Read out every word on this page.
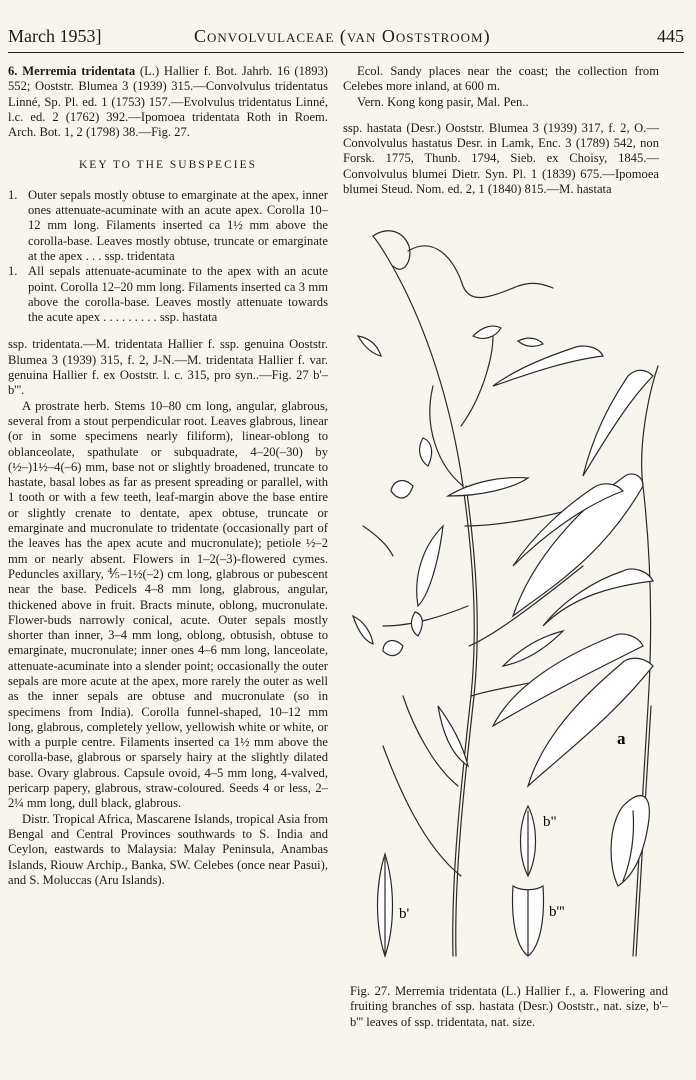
March 1953]	Convolvulaceae (van Ooststroom)	445

6. Merremia tridentata (L.) Hallier f. Bot. Jahrb. 16 (1893) 552; Ooststr. Blumea 3 (1939) 315.—Convolvulus tridentatus Linné, Sp. Pl. ed. 1 (1753) 157.—Evolvulus tridentatus Linné, l.c. ed. 2 (1762) 392.—Ipomoea tridentata Roth in Roem. Arch. Bot. 1, 2 (1798) 38.—Fig. 27.

KEY TO THE SUBSPECIES

1. Outer sepals mostly obtuse to emarginate at the apex, inner ones attenuate-acuminate with an acute apex. Corolla 10–12 mm long. Filaments inserted ca 1½ mm above the corolla-base. Leaves mostly obtuse, truncate or emarginate at the apex . . . ssp. tridentata

1. All sepals attenuate-acuminate to the apex with an acute point. Corolla 12–20 mm long. Filaments inserted ca 3 mm above the corolla-base. Leaves mostly attenuate towards the acute apex . . . . . . . . . ssp. hastata

ssp. tridentata.—M. tridentata Hallier f. ssp. genuina Ooststr. Blumea 3 (1939) 315, f. 2, J-N.—M. tridentata Hallier f. var. genuina Hallier f. ex Ooststr. l. c. 315, pro syn..—Fig. 27 b'–b'''.

A prostrate herb. Stems 10–80 cm long, angular, glabrous, several from a stout perpendicular root. Leaves glabrous, linear (or in some specimens nearly filiform), linear-oblong to oblanceolate, spathulate or subquadrate, 4–20(–30) by (½–)1½–4(–6) mm, base not or slightly broadened, truncate to hastate, basal lobes as far as present spreading or parallel, with 1 tooth or with a few teeth, leaf-margin above the base entire or slightly crenate to dentate, apex obtuse, truncate or emarginate and mucronulate to tridentate (occasionally part of the leaves has the apex acute and mucronulate); petiole ½–2 mm or nearly absent. Flowers in 1–2(–3)-flowered cymes. Peduncles axillary, ⅘–1½(–2) cm long, glabrous or pubescent near the base. Pedicels 4–8 mm long, glabrous, angular, thickened above in fruit. Bracts minute, oblong, mucronulate. Flower-buds narrowly conical, acute. Outer sepals mostly shorter than inner, 3–4 mm long, oblong, obtusish, obtuse to emarginate, mucronulate; inner ones 4–6 mm long, lanceolate, attenuate-acuminate into a slender point; occasionally the outer sepals are more acute at the apex, more rarely the outer as well as the inner sepals are obtuse and mucronulate (so in specimens from India). Corolla funnel-shaped, 10–12 mm long, glabrous, completely yellow, yellowish white or white, or with a purple centre. Filaments inserted ca 1½ mm above the corolla-base, glabrous or sparsely hairy at the slightly dilated base. Ovary glabrous. Capsule ovoid, 4–5 mm long, 4-valved, pericarp papery, glabrous, straw-coloured. Seeds 4 or less, 2–2¼ mm long, dull black, glabrous.

Distr. Tropical Africa, Mascarene Islands, tropical Asia from Bengal and Central Provinces southwards to S. India and Ceylon, eastwards to Malaysia: Malay Peninsula, Anambas Islands, Riouw Archip., Banka, SW. Celebes (once near Pasui), and S. Moluccas (Aru Islands).

Ecol. Sandy places near the coast; the collection from Celebes more inland, at 600 m.

Vern. Kong kong pasir, Mal. Pen..

ssp. hastata (Desr.) Ooststr. Blumea 3 (1939) 317, f. 2, O.—Convolvulus hastatus Desr. in Lamk, Enc. 3 (1789) 542, non Forsk. 1775, Thunb. 1794, Sieb. ex Choisy, 1845.—Convolvulus blumei Dietr. Syn. Pl. 1 (1839) 675.—Ipomoea blumei Steud. Nom. ed. 2, 1 (1840) 815.—M. hastata

a
b'
b"
b'''
Fig. 27. Merremia tridentata (L.) Hallier f., a. Flowering and fruiting branches of ssp. hastata (Desr.) Ooststr., nat. size, b'–b''' leaves of ssp. tridentata, nat. size.
